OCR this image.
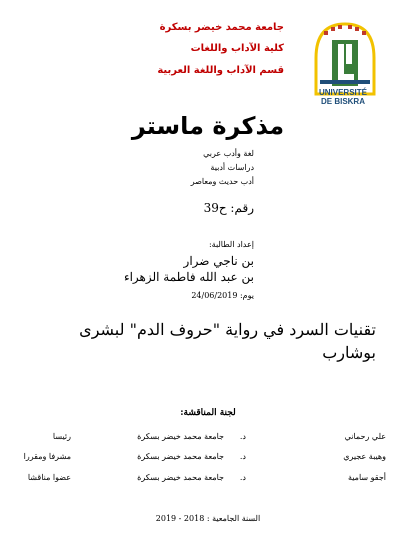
UNIVERSITÉ
DE BISKRA
جامعة محمد خيضر بسكرة
كلية الآداب واللغات
قسم الآداب واللغة العربية
مذكرة ماستر
لغة وأدب عربي
دراسات أدبية
أدب حديث ومعاصر
رقم: ح39
إعداد الطالبة:
بن ناجي ضرار
بن عبد الله فاطمة الزهراء
يوم: 24/06/2019
تقنيات السرد في رواية "حروف الدم" لبشرى بوشارب
لجنة المناقشة:
علي رحماني
د.
جامعة محمد خيضر بسكرة
رئيسا
وهيبة عجيري
د.
جامعة محمد خيضر بسكرة
مشرفا ومقررا
أجقو سامية
د.
جامعة محمد خيضر بسكرة
عضوا مناقشا
السنة الجامعية : 2018 - 2019
